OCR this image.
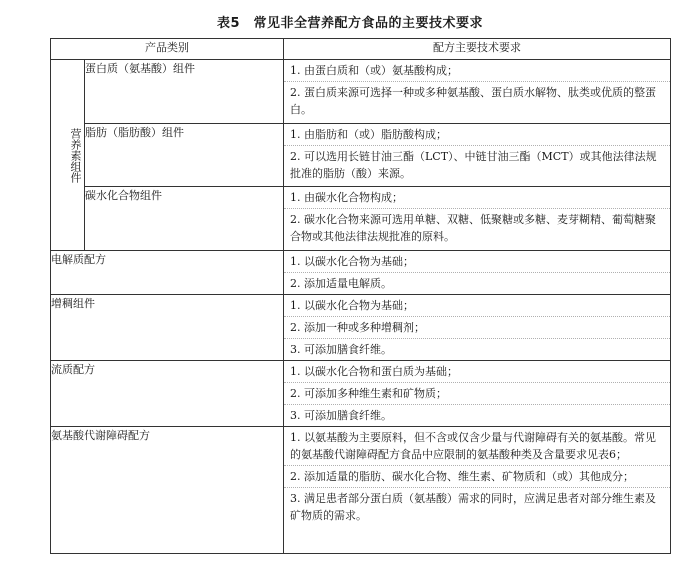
表5　常见非全营养配方食品的主要技术要求
产品类别		配方主要技术要求
营养素组件	蛋白质（氨基酸）组件	1. 由蛋白质和（或）氨基酸构成；
2. 蛋白质来源可选择一种或多种氨基酸、蛋白质水解物、肽类或优质的整蛋白。

	脂肪（脂肪酸）组件	1. 由脂肪和（或）脂肪酸构成；
2. 可以选用长链甘油三酯（LCT）、中链甘油三酯（MCT）或其他法律法规批准的脂肪（酸）来源。

	碳水化合物组件	1. 由碳水化合物构成；
2. 碳水化合物来源可选用单糖、双糖、低聚糖或多糖、麦芽糊精、葡萄糖聚合物或其他法律法规批准的原料。

电解质配方		1. 以碳水化合物为基础；
2. 添加适量电解质。

增稠组件		1. 以碳水化合物为基础；
2. 添加一种或多种增稠剂；
3. 可添加膳食纤维。

流质配方		1. 以碳水化合物和蛋白质为基础；
2. 可添加多种维生素和矿物质；
3. 可添加膳食纤维。

氨基酸代谢障碍配方		1. 以氨基酸为主要原料，但不含或仅含少量与代谢障碍有关的氨基酸。常见的氨基酸代谢障碍配方食品中应限制的氨基酸种类及含量要求见表6；
2. 添加适量的脂肪、碳水化合物、维生素、矿物质和（或）其他成分；
3. 满足患者部分蛋白质（氨基酸）需求的同时，应满足患者对部分维生素及矿物质的需求。
